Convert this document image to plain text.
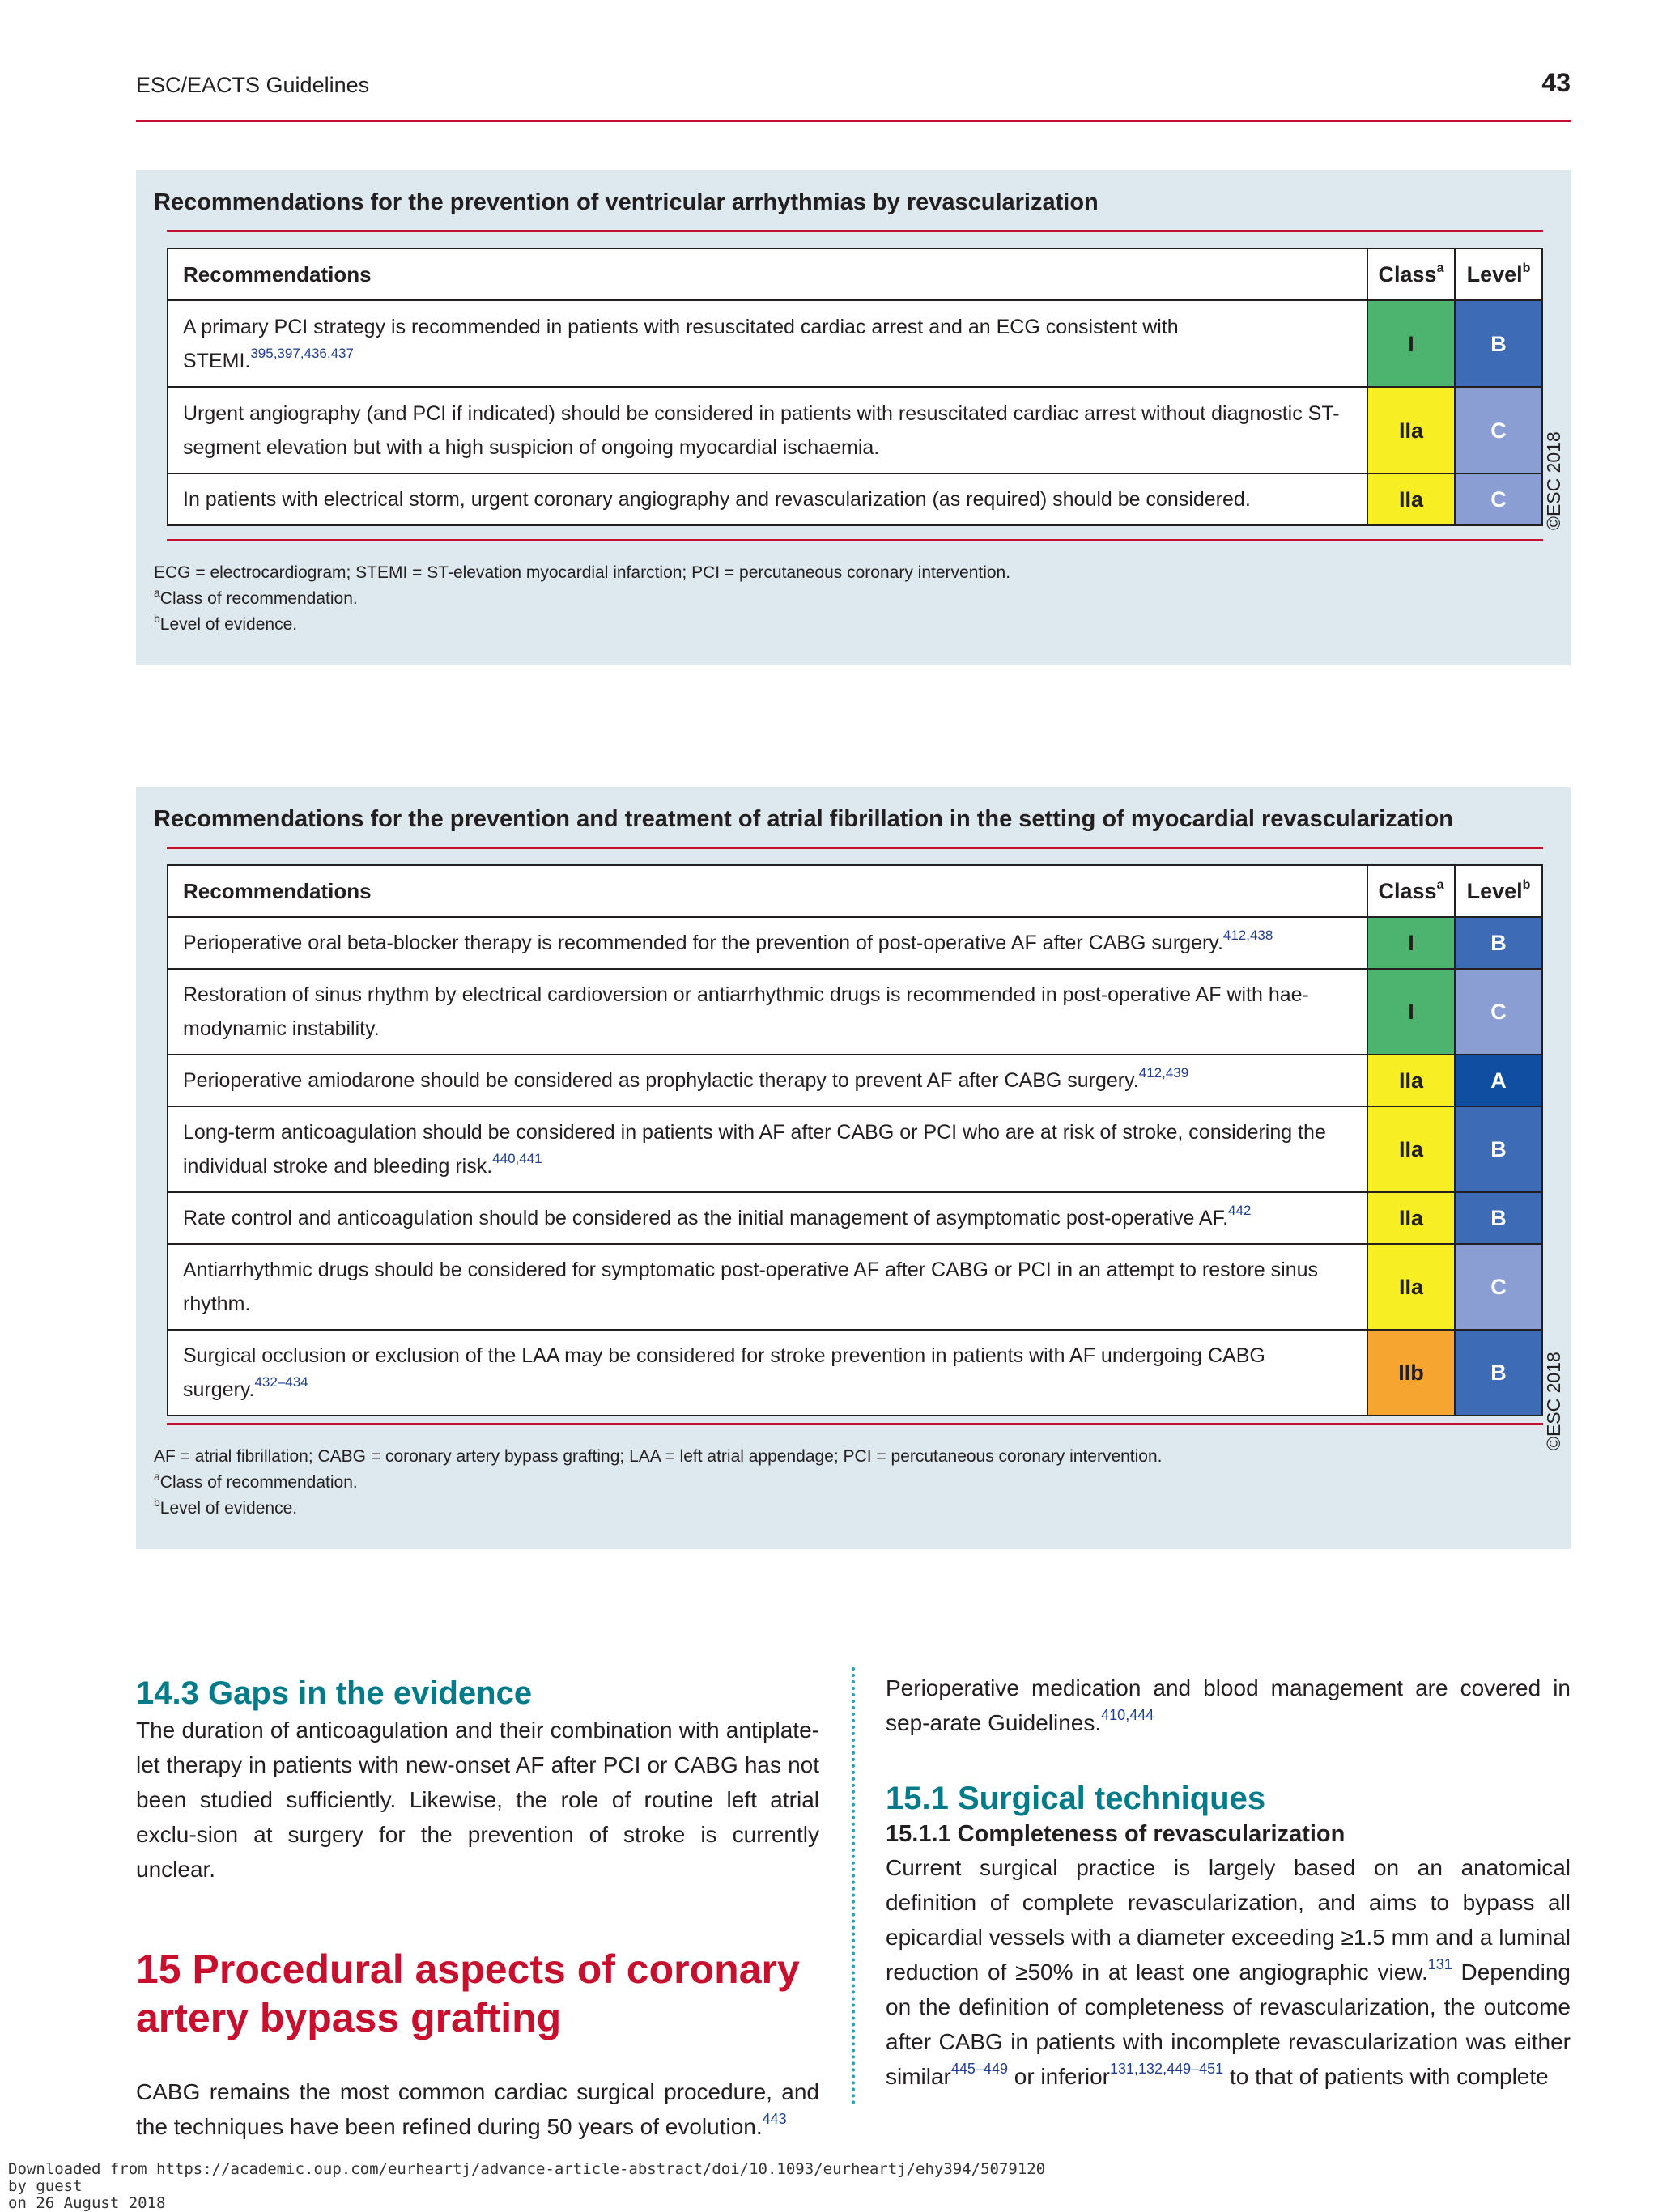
ESC/EACTS Guidelines	43
Recommendations for the prevention of ventricular arrhythmias by revascularization
Recommendations	Class$^a$	Level$^b$
A primary PCI strategy is recommended in patients with resuscitated cardiac arrest and an ECG consistent with STEMI.$^{395,397,436,437}$	I	B
Urgent angiography (and PCI if indicated) should be considered in patients with resuscitated cardiac arrest without diagnostic ST-segment elevation but with a high suspicion of ongoing myocardial ischaemia.	IIa	C
In patients with electrical storm, urgent coronary angiography and revascularization (as required) should be considered.	IIa	C
ECG = electrocardiogram; STEMI = ST-elevation myocardial infarction; PCI = percutaneous coronary intervention.
$^a$Class of recommendation.
$^b$Level of evidence.
©ESC 2018
Recommendations for the prevention and treatment of atrial fibrillation in the setting of myocardial revascularization
Recommendations	Class$^a$	Level$^b$
Perioperative oral beta-blocker therapy is recommended for the prevention of post-operative AF after CABG surgery.$^{412,438}$	I	B
Restoration of sinus rhythm by electrical cardioversion or antiarrhythmic drugs is recommended in post-operative AF with hae-modynamic instability.	I	C
Perioperative amiodarone should be considered as prophylactic therapy to prevent AF after CABG surgery.$^{412,439}$	IIa	A
Long-term anticoagulation should be considered in patients with AF after CABG or PCI who are at risk of stroke, considering the individual stroke and bleeding risk.$^{440,441}$	IIa	B
Rate control and anticoagulation should be considered as the initial management of asymptomatic post-operative AF.$^{442}$	IIa	B
Antiarrhythmic drugs should be considered for symptomatic post-operative AF after CABG or PCI in an attempt to restore sinus rhythm.	IIa	C
Surgical occlusion or exclusion of the LAA may be considered for stroke prevention in patients with AF undergoing CABG surgery.$^{432-434}$	IIb	B
AF = atrial fibrillation; CABG = coronary artery bypass grafting; LAA = left atrial appendage; PCI = percutaneous coronary intervention.
$^a$Class of recommendation.
$^b$Level of evidence.
©ESC 2018
14.3 Gaps in the evidence

The duration of anticoagulation and their combination with antiplate-let therapy in patients with new-onset AF after PCI or CABG has not been studied sufficiently. Likewise, the role of routine left atrial exclu-sion at surgery for the prevention of stroke is currently unclear.

15 Procedural aspects of coronary artery bypass grafting

CABG remains the most common cardiac surgical procedure, and the techniques have been refined during 50 years of evolution.$^{443}$

Perioperative medication and blood management are covered in sep-arate Guidelines.$^{410,444}$

15.1 Surgical techniques
15.1.1 Completeness of revascularization

Current surgical practice is largely based on an anatomical definition of complete revascularization, and aims to bypass all epicardial vessels with a diameter exceeding ≥1.5 mm and a luminal reduction of ≥50% in at least one angiographic view.$^{131}$ Depending on the definition of completeness of revascularization, the outcome after CABG in patients with incomplete revascularization was either similar$^{445-449}$ or inferior$^{131,132,449-451}$ to that of patients with complete

Downloaded from https://academic.oup.com/eurheartj/advance-article-abstract/doi/10.1093/eurheartj/ehy394/5079120
by guest
on 26 August 2018
